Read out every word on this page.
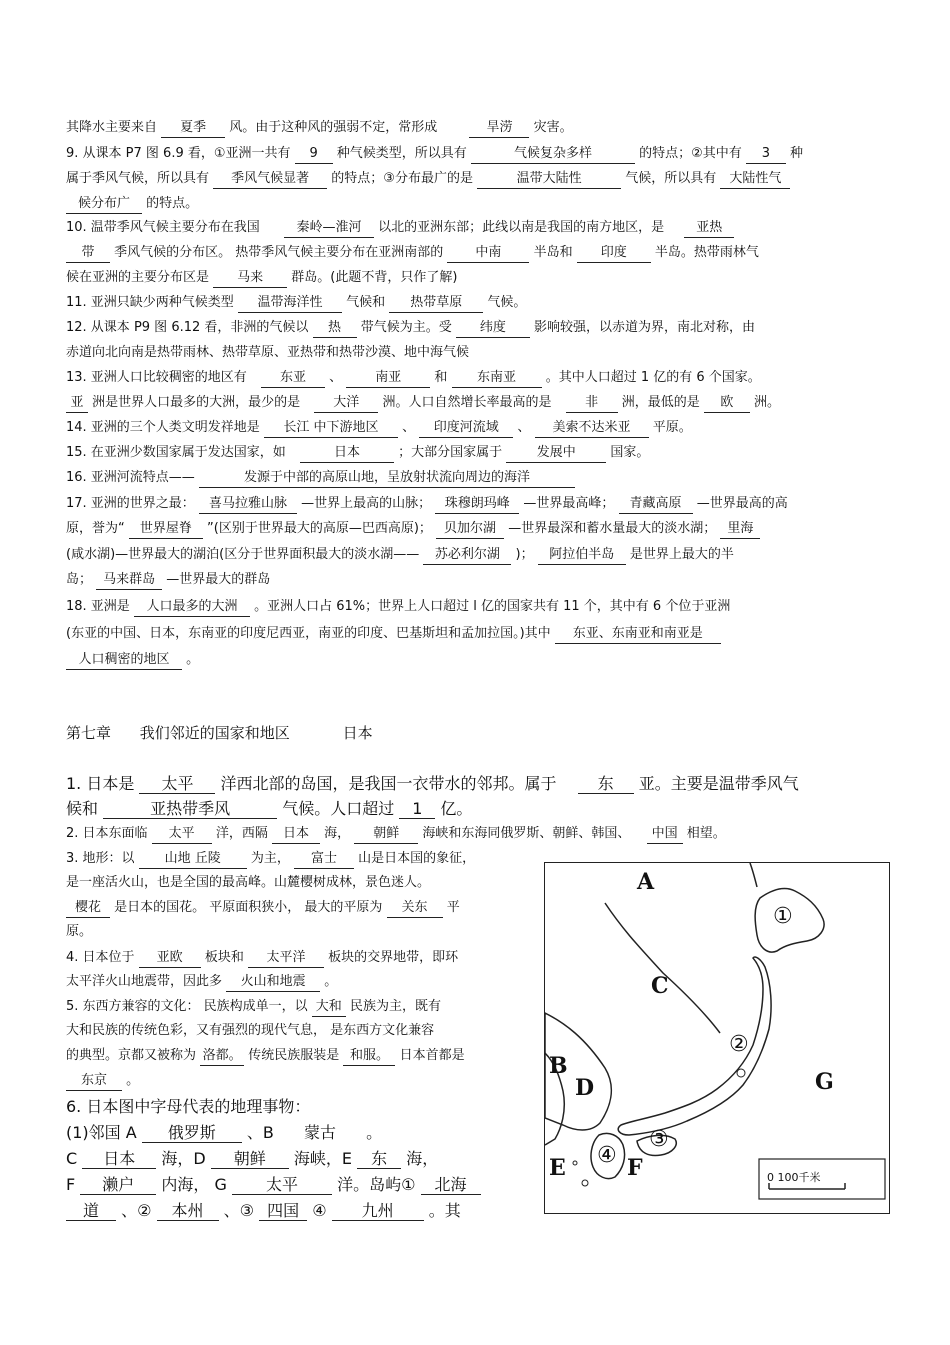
其降水主要来自 夏季 风。由于这种风的强弱不定，常形成	旱涝 灾害。
9. 从课本 P7 图 6.9 看，①亚洲一共有 9 种气候类型，所以具有	气候复杂多样	的特点；②其中有 3 种
属于季风气候，所以具有 季风气候显著 的特点；③分布最广的是	温带大陆性	气候，所以具有 大陆性气
候分布广 的特点。
10. 温带季风气候主要分布在我国	秦岭—淮河 以北的亚洲东部；此线以南是我国的南方地区，是 亚热
带 季风气候的分布区。 热带季风气候主要分布在亚洲南部的 中南 半岛和 印度 半岛。热带雨林气
候在亚洲的主要分布区是 马来 群岛。(此题不背，只作了解)
11. 亚洲只缺少两种气候类型 温带海洋性 气候和 热带草原 气候。
12. 从课本 P9 图 6.12 看，非洲的气候以 热 带气候为主。受 纬度 影响较强，以赤道为界，南北对称，由
赤道向北向南是热带雨林、热带草原、亚热带和热带沙漠、地中海气候
13. 亚洲人口比较稠密的地区有	东亚 、	南亚	和 东南亚 。其中人口超过 1 亿的有 6 个国家。
亚 洲是世界人口最多的大洲，最少的是	大洋 洲。人口自然增长率最高的是	非 洲，最低的是 欧 洲。
14. 亚洲的三个人类文明发祥地是 长江 中下游地区 、 印度河流域 、 美索不达米亚 平原。
15. 在亚洲少数国家属于发达国家，如	日本	；大部分国家属于	发展中	国家。
16. 亚洲河流特点——	发源于中部的高原山地，呈放射状流向周边的海洋
17. 亚洲的世界之最： 喜马拉雅山脉 —世界上最高的山脉； 珠穆朗玛峰 —世界最高峰； 青藏高原 —世界最高的高
原，誉为“ 世界屋脊 ”(区别于世界最大的高原—巴西高原)； 贝加尔湖 —世界最深和蓄水量最大的淡水湖； 里海
(咸水湖)—世界最大的湖泊(区分于世界面积最大的淡水湖—— 苏必利尔湖 )； 阿拉伯半岛 是世界上最大的半
岛； 马来群岛 —世界最大的群岛
18. 亚洲是 人口最多的大洲 。亚洲人口占 61%；世界上人口超过 l 亿的国家共有 11 个，其中有 6 个位于亚洲
(东亚的中国、日本，东南亚的印度尼西亚，南亚的印度、巴基斯坦和孟加拉国。)其中 东亚、东南亚和南亚是
人口稠密的地区 。
第七章 我们邻近的国家和地区	日本
1. 日本是 太平 洋西北部的岛国，是我国一衣带水的邻邦。属于	东 亚。主要是温带季风气
候和	亚热带季风	气候。人口超过 1 亿。
2. 日本东面临 太平 洋，西隔 日本 海， 朝鲜 海峡和东海同俄罗斯、朝鲜、韩国、 中国 相望。
3. 地形：以 山地 丘陵 为主， 富士 山是日本国的象征，
是一座活火山，也是全国的最高峰。山麓樱树成林，景色迷人。
樱花 是日本的国花。 平原面积狭小， 最大的平原为 关东 平
原。
4. 日本位于 亚欧 板块和 太平洋 板块的交界地带，即环
太平洋火山地震带，因此多 火山和地震 。
5. 东西方兼容的文化： 民族构成单一，以 大和 民族为主，既有
大和民族的传统色彩，又有强烈的现代气息， 是东西方文化兼容
的典型。京都又被称为 洛都。 传统民族服装是 和服。 日本首都是
东京 。
6. 日本图中字母代表的地理事物：
(1)邻国 A 俄罗斯 、B 蒙古 。
C 日本 海，D 朝鲜 海峡，E 东 海，
F 濑户 内海， G 太平 洋。岛屿① 北海
道 、② 本州 、③ 四国 ④ 九州 。其
A
B
C
D
E	F
G
①
②
③
④
0 100千米
